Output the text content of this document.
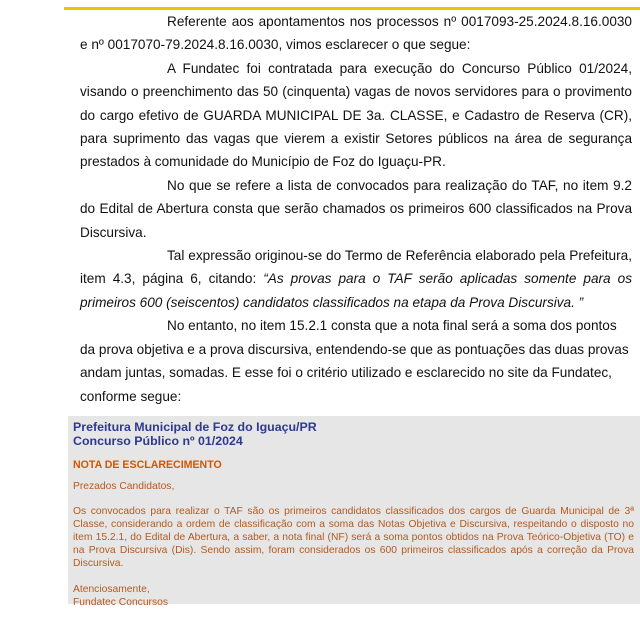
Referente aos apontamentos nos processos nº 0017093-25.2024.8.16.0030 e nº 0017070-79.2024.8.16.0030, vimos esclarecer o que segue:

A Fundatec foi contratada para execução do Concurso Público 01/2024, visando o preenchimento das 50 (cinquenta) vagas de novos servidores para o provimento do cargo efetivo de GUARDA MUNICIPAL DE 3a. CLASSE, e Cadastro de Reserva (CR), para suprimento das vagas que vierem a existir Setores públicos na área de segurança prestados à comunidade do Município de Foz do Iguaçu-PR.

No que se refere a lista de convocados para realização do TAF, no item 9.2 do Edital de Abertura consta que serão chamados os primeiros 600 classificados na Prova Discursiva.

Tal expressão originou-se do Termo de Referência elaborado pela Prefeitura, item 4.3, página 6, citando: “As provas para o TAF serão aplicadas somente para os primeiros 600 (seiscentos) candidatos classificados na etapa da Prova Discursiva. ”

No entanto, no item 15.2.1 consta que a nota final será a soma dos pontos da prova objetiva e a prova discursiva, entendendo-se que as pontuações das duas provas andam juntas, somadas. E esse foi o critério utilizado e esclarecido no site da Fundatec, conforme segue:

Prefeitura Municipal de Foz do Iguaçu/PR

Concurso Público nº 01/2024

NOTA DE ESCLARECIMENTO

Prezados Candidatos,

Os convocados para realizar o TAF são os primeiros candidatos classificados dos cargos de Guarda Municipal de 3ª Classe, considerando a ordem de classificação com a soma das Notas Objetiva e Discursiva, respeitando o disposto no item 15.2.1, do Edital de Abertura, a saber, a nota final (NF) será a soma pontos obtidos na Prova Teórico-Objetiva (TO) e na Prova Discursiva (Dis). Sendo assim, foram considerados os 600 primeiros classificados após a correção da Prova Discursiva.

Atenciosamente,

Fundatec Concursos
